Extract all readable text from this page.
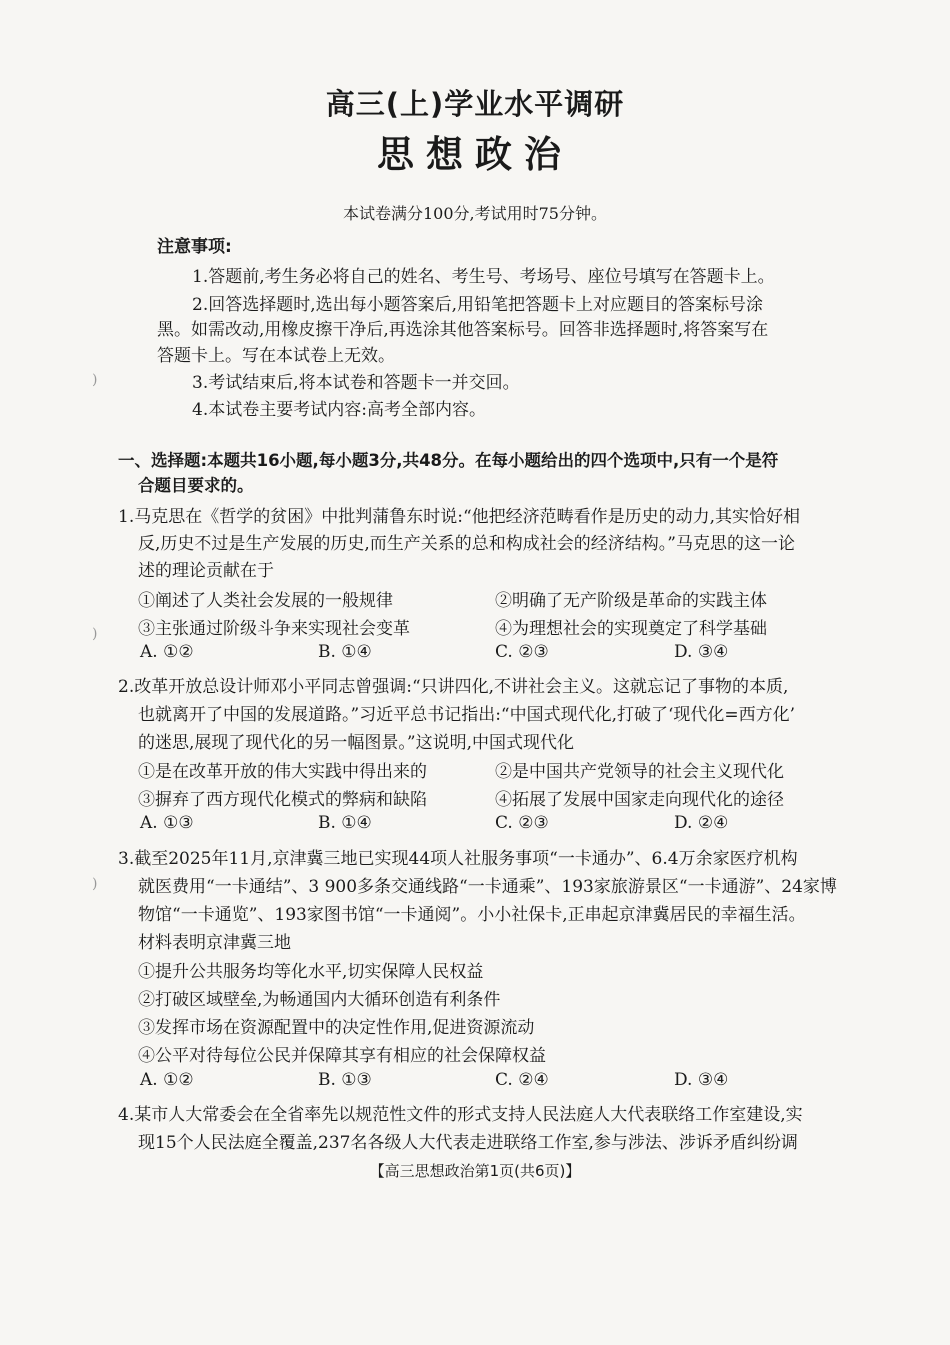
高三(上)学业水平调研
思想政治
本试卷满分100分,考试用时75分钟。
注意事项:
1.答题前,考生务必将自己的姓名、考生号、考场号、座位号填写在答题卡上。
2.回答选择题时,选出每小题答案后,用铅笔把答题卡上对应题目的答案标号涂
黑。如需改动,用橡皮擦干净后,再选涂其他答案标号。回答非选择题时,将答案写在
答题卡上。写在本试卷上无效。
3.考试结束后,将本试卷和答题卡一并交回。
4.本试卷主要考试内容:高考全部内容。
一、选择题:本题共16小题,每小题3分,共48分。在每小题给出的四个选项中,只有一个是符
合题目要求的。
1.马克思在《哲学的贫困》中批判蒲鲁东时说:“他把经济范畴看作是历史的动力,其实恰好相
反,历史不过是生产发展的历史,而生产关系的总和构成社会的经济结构。”马克思的这一论
述的理论贡献在于
①阐述了人类社会发展的一般规律	②明确了无产阶级是革命的实践主体
③主张通过阶级斗争来实现社会变革	④为理想社会的实现奠定了科学基础
A. ①②	B. ①④	C. ②③	D. ③④
2.改革开放总设计师邓小平同志曾强调:“只讲四化,不讲社会主义。这就忘记了事物的本质,
也就离开了中国的发展道路。”习近平总书记指出:“中国式现代化,打破了‘现代化=西方化’
的迷思,展现了现代化的另一幅图景。”这说明,中国式现代化
①是在改革开放的伟大实践中得出来的	②是中国共产党领导的社会主义现代化
③摒弃了西方现代化模式的弊病和缺陷	④拓展了发展中国家走向现代化的途径
A. ①③	B. ①④	C. ②③	D. ②④
3.截至2025年11月,京津冀三地已实现44项人社服务事项“一卡通办”、6.4万余家医疗机构
就医费用“一卡通结”、3 900多条交通线路“一卡通乘”、193家旅游景区“一卡通游”、24家博
物馆“一卡通览”、193家图书馆“一卡通阅”。小小社保卡,正串起京津冀居民的幸福生活。
材料表明京津冀三地
①提升公共服务均等化水平,切实保障人民权益
②打破区域壁垒,为畅通国内大循环创造有利条件
③发挥市场在资源配置中的决定性作用,促进资源流动
④公平对待每位公民并保障其享有相应的社会保障权益
A. ①②	B. ①③	C. ②④	D. ③④
4.某市人大常委会在全省率先以规范性文件的形式支持人民法庭人大代表联络工作室建设,实
现15个人民法庭全覆盖,237名各级人大代表走进联络工作室,参与涉法、涉诉矛盾纠纷调
【高三思想政治第1页(共6页)】
)
)
)
